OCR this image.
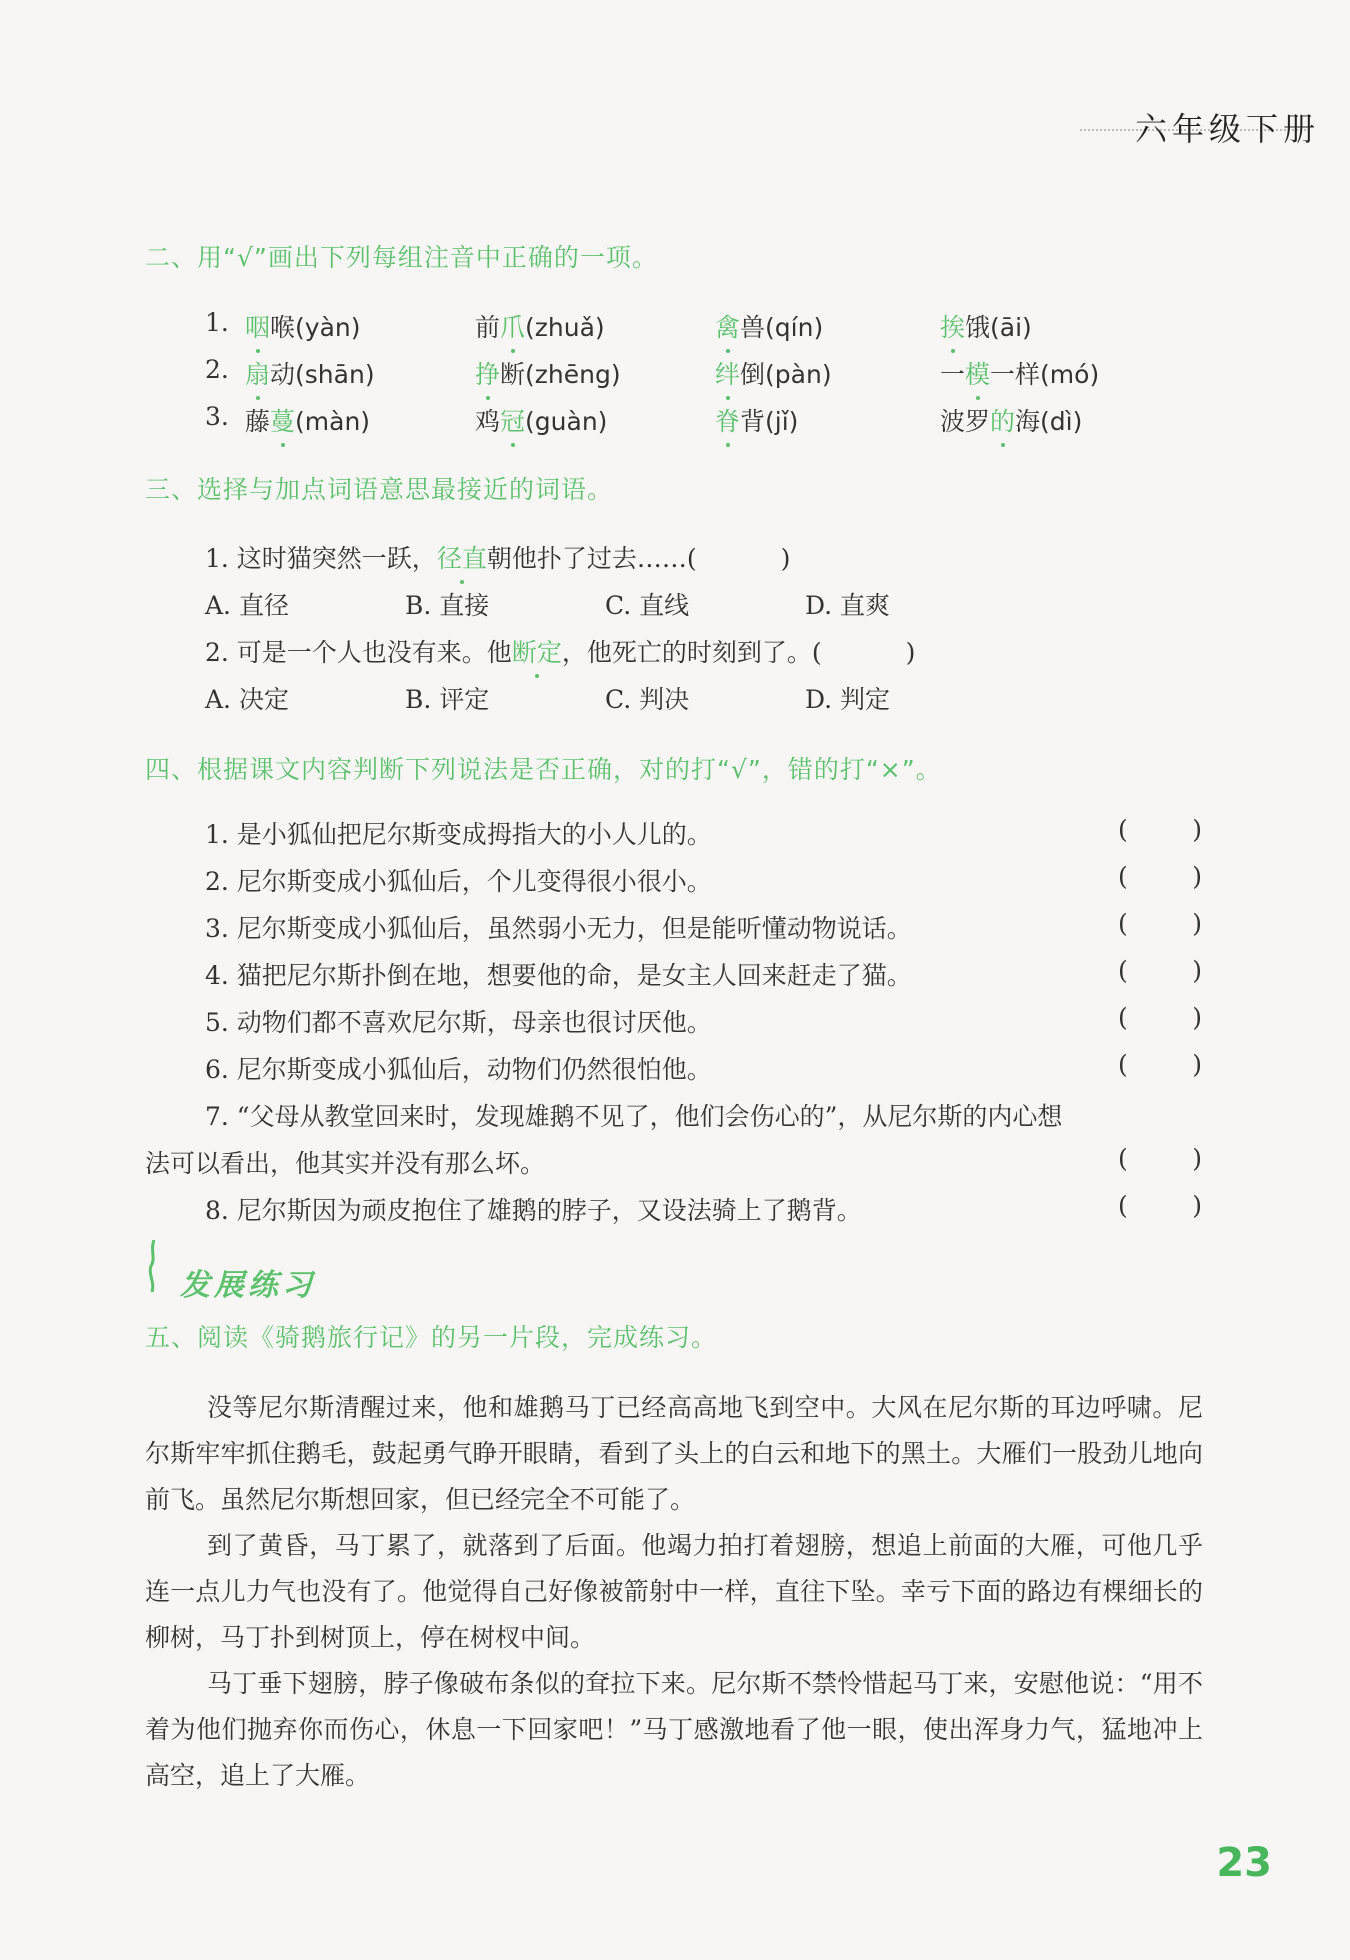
六年级下册
二、用“√”画出下列每组注音中正确的一项。
1. 咽喉(yàn)	前爪(zhuǎ)	禽兽(qín)	挨饿(āi)
2. 扇动(shān)	挣断(zhēng)	绊倒(pàn)	一模一样(mó)
3. 藤蔓(màn)	鸡冠(guàn)	脊背(jǐ)	波罗的海(dì)
三、选择与加点词语意思最接近的词语。
1. 这时猫突然一跃，径直朝他扑了过去……(	)
A. 直径	B. 直接	C. 直线	D. 直爽
2. 可是一个人也没有来。他断定，他死亡的时刻到了。(	)
A. 决定	B. 评定	C. 判决	D. 判定
四、根据课文内容判断下列说法是否正确，对的打“√”，错的打“×”。
1. 是小狐仙把尼尔斯变成拇指大的小人儿的。	(	)
2. 尼尔斯变成小狐仙后，个儿变得很小很小。	(	)
3. 尼尔斯变成小狐仙后，虽然弱小无力，但是能听懂动物说话。	(	)
4. 猫把尼尔斯扑倒在地，想要他的命，是女主人回来赶走了猫。	(	)
5. 动物们都不喜欢尼尔斯，母亲也很讨厌他。	(	)
6. 尼尔斯变成小狐仙后，动物们仍然很怕他。	(	)
7. “父母从教堂回来时，发现雄鹅不见了，他们会伤心的”，从尼尔斯的内心想
法可以看出，他其实并没有那么坏。	(	)
8. 尼尔斯因为顽皮抱住了雄鹅的脖子，又设法骑上了鹅背。	(	)
发展练习
五、阅读《骑鹅旅行记》的另一片段，完成练习。

没等尼尔斯清醒过来，他和雄鹅马丁已经高高地飞到空中。大风在尼尔斯的耳边呼啸。尼尔斯牢牢抓住鹅毛，鼓起勇气睁开眼睛，看到了头上的白云和地下的黑土。大雁们一股劲儿地向前飞。虽然尼尔斯想回家，但已经完全不可能了。

到了黄昏，马丁累了，就落到了后面。他竭力拍打着翅膀，想追上前面的大雁，可他几乎连一点儿力气也没有了。他觉得自己好像被箭射中一样，直往下坠。幸亏下面的路边有棵细长的柳树，马丁扑到树顶上，停在树杈中间。

马丁垂下翅膀，脖子像破布条似的耷拉下来。尼尔斯不禁怜惜起马丁来，安慰他说：“用不着为他们抛弃你而伤心，休息一下回家吧！”马丁感激地看了他一眼，使出浑身力气，猛地冲上高空，追上了大雁。

23
